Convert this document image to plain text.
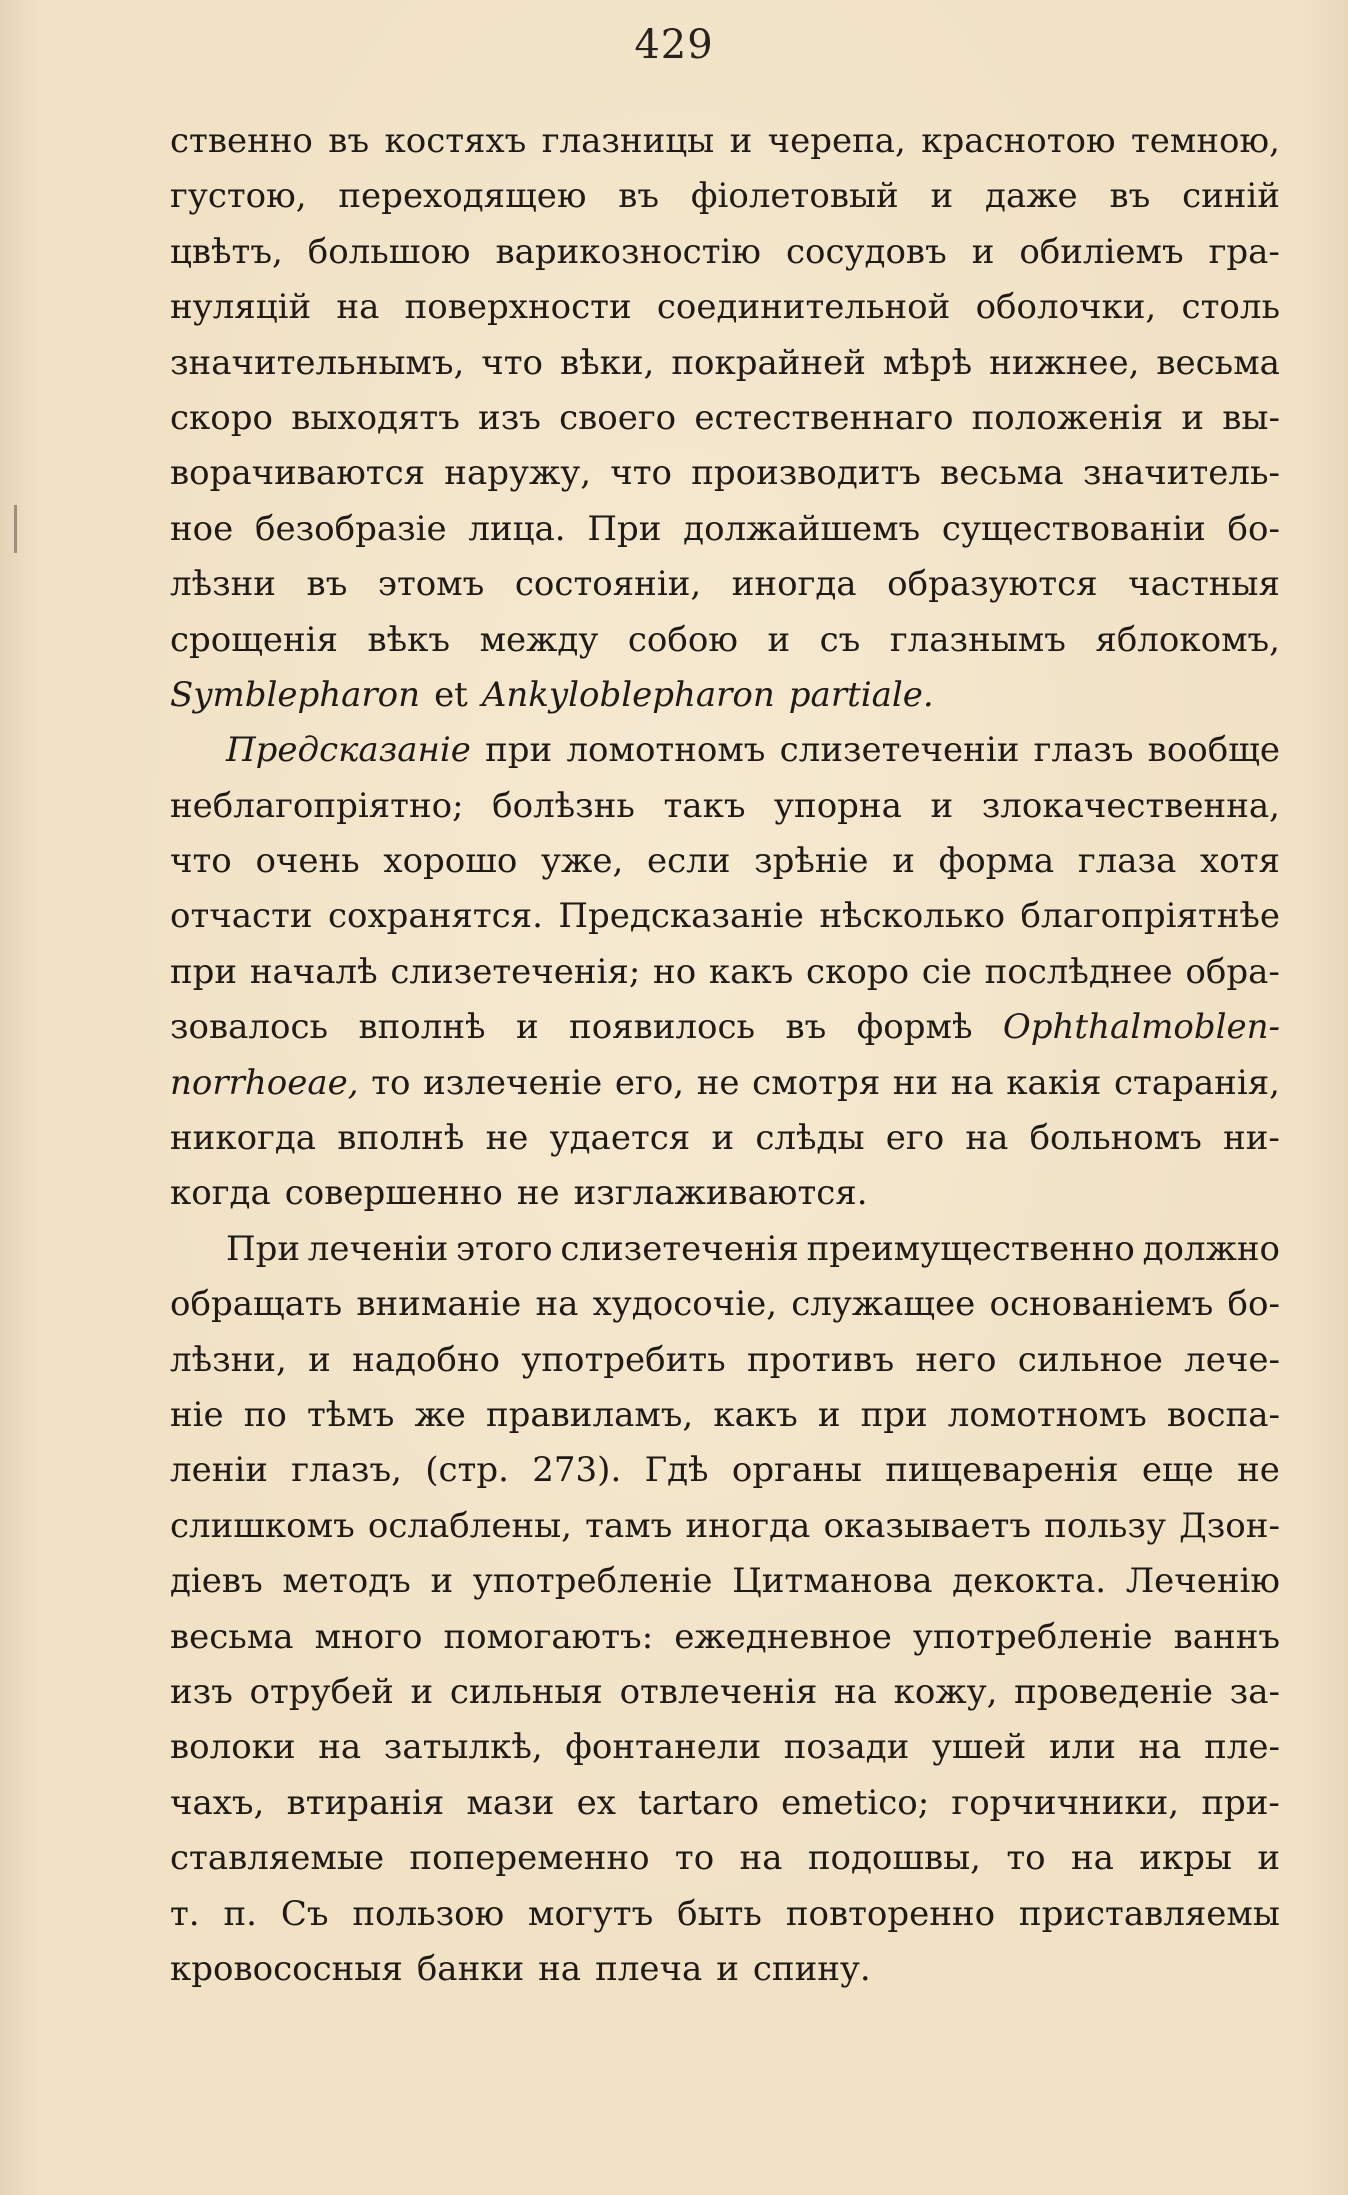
429
ственно въ костяхъ глазницы и черепа, краснотою темною,
густою, переходящею въ фіолетовый и даже въ синій
цвѣтъ, большою варикозностію сосудовъ и обиліемъ гра-
нуляцій на поверхности соединительной оболочки, столь
значительнымъ, что вѣки, покрайней мѣрѣ нижнее, весьма
скоро выходятъ изъ своего естественнаго положенія и вы-
ворачиваются наружу, что производитъ весьма значитель-
ное безобразіе лица. При должайшемъ существованіи бо-
лѣзни въ этомъ состояніи, иногда образуются частныя
срощенія вѣкъ между собою и съ глазнымъ яблокомъ,
Symblepharon et Ankyloblepharon partiale.
Предсказаніе при ломотномъ слизетеченіи глазъ вообще
неблагопріятно; болѣзнь такъ упорна и злокачественна,
что очень хорошо уже, если зрѣніе и форма глаза хотя
отчасти сохранятся. Предсказаніе нѣсколько благопріятнѣе
при началѣ слизетеченія; но какъ скоро сіе послѣднее обра-
зовалось вполнѣ и появилось въ формѣ Ophthalmoblen-
norrhoeae, то излеченіе его, не смотря ни на какія старанія,
никогда вполнѣ не удается и слѣды его на больномъ ни-
когда совершенно не изглаживаются.
При леченіи этого слизетеченія преимущественно должно
обращать вниманіе на худосочіе, служащее основаніемъ бо-
лѣзни, и надобно употребить противъ него сильное лече-
ніе по тѣмъ же правиламъ, какъ и при ломотномъ воспа-
леніи глазъ, (стр. 273). Гдѣ органы пищеваренія еще не
слишкомъ ослаблены, тамъ иногда оказываетъ пользу Дзон-
діевъ методъ и употребленіе Цитманова декокта. Леченію
весьма много помогаютъ: ежедневное употребленіе ваннъ
изъ отрубей и сильныя отвлеченія на кожу, проведеніе за-
волоки на затылкѣ, фонтанели позади ушей или на пле-
чахъ, втиранія мази ex tartaro emetico; горчичники, при-
ставляемые попеременно то на подошвы, то на икры и
т. п. Съ пользою могутъ быть повторенно приставляемы
кровососныя банки на плеча и спину.
